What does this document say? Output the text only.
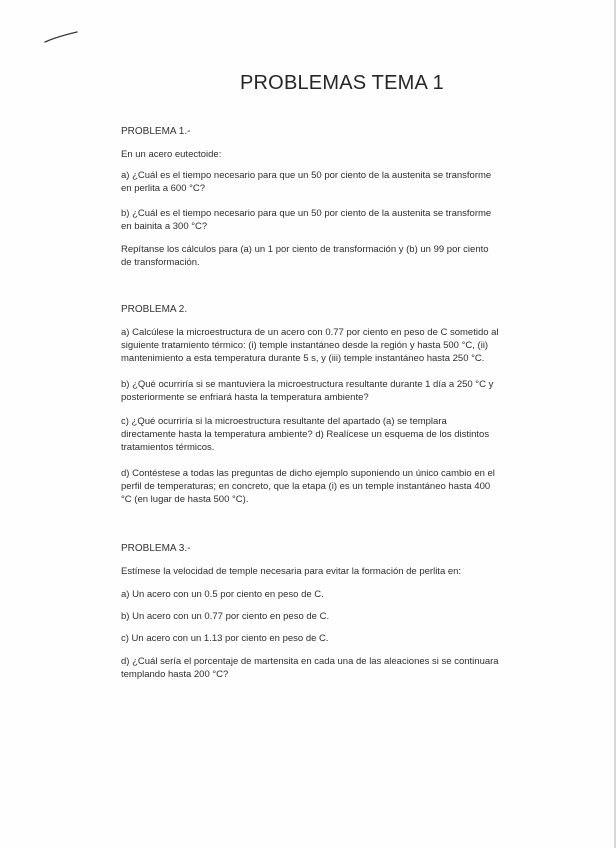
PROBLEMAS TEMA 1
PROBLEMA 1.-
En un acero eutectoide:
a) ¿Cuál es el tiempo necesario para que un 50 por ciento de la austenita se transforme en perlita a 600 °C?
b) ¿Cuál es el tiempo necesario para que un 50 por ciento de la austenita se transforme en bainita a 300 °C?
Repítanse los cálculos para (a) un 1 por ciento de transformación y (b) un 99 por ciento de transformación.
PROBLEMA 2.
a) Calcúlese la microestructura de un acero con 0.77 por ciento en peso de C sometido al siguiente tratamiento térmico: (i) temple instantáneo desde la región y hasta 500 °C, (ii) mantenimiento a esta temperatura durante 5 s, y (iii) temple instantáneo hasta 250 °C.
b) ¿Qué ocurriría si se mantuviera la microestructura resultante durante 1 día a 250 °C y posteriormente se enfriará hasta la temperatura ambiente?
c) ¿Qué ocurriría si la microestructura resultante del apartado (a) se templara directamente hasta la temperatura ambiente? d) Realícese un esquema de los distintos tratamientos térmicos.
d) Contéstese a todas las preguntas de dicho ejemplo suponiendo un único cambio en el perfil de temperaturas; en concreto, que la etapa (i) es un temple instantáneo hasta 400 °C (en lugar de hasta 500 °C).
PROBLEMA 3.-
Estímese la velocidad de temple necesaria para evitar la formación de perlita en:
a) Un acero con un 0.5 por ciento en peso de C.
b) Un acero con un 0.77 por ciento en peso de C.
c) Un acero con un 1.13 por ciento en peso de C.
d) ¿Cuál sería el porcentaje de martensita en cada una de las aleaciones si se continuara templando hasta 200 °C?
